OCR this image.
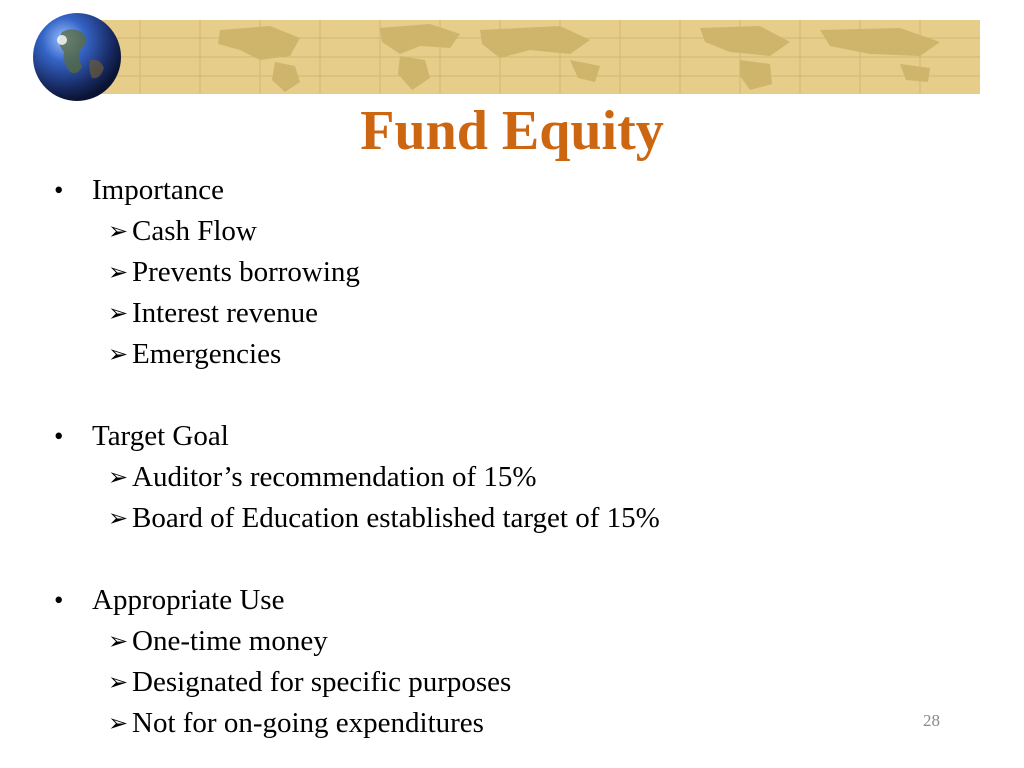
Fund Equity
• Importance
➢ Cash Flow
➢ Prevents borrowing
➢ Interest revenue
➢ Emergencies
• Target Goal
➢ Auditor’s recommendation of 15%
➢ Board of Education established target of 15%
• Appropriate Use
➢ One-time money
➢ Designated for specific purposes
➢ Not for on-going expenditures	28
